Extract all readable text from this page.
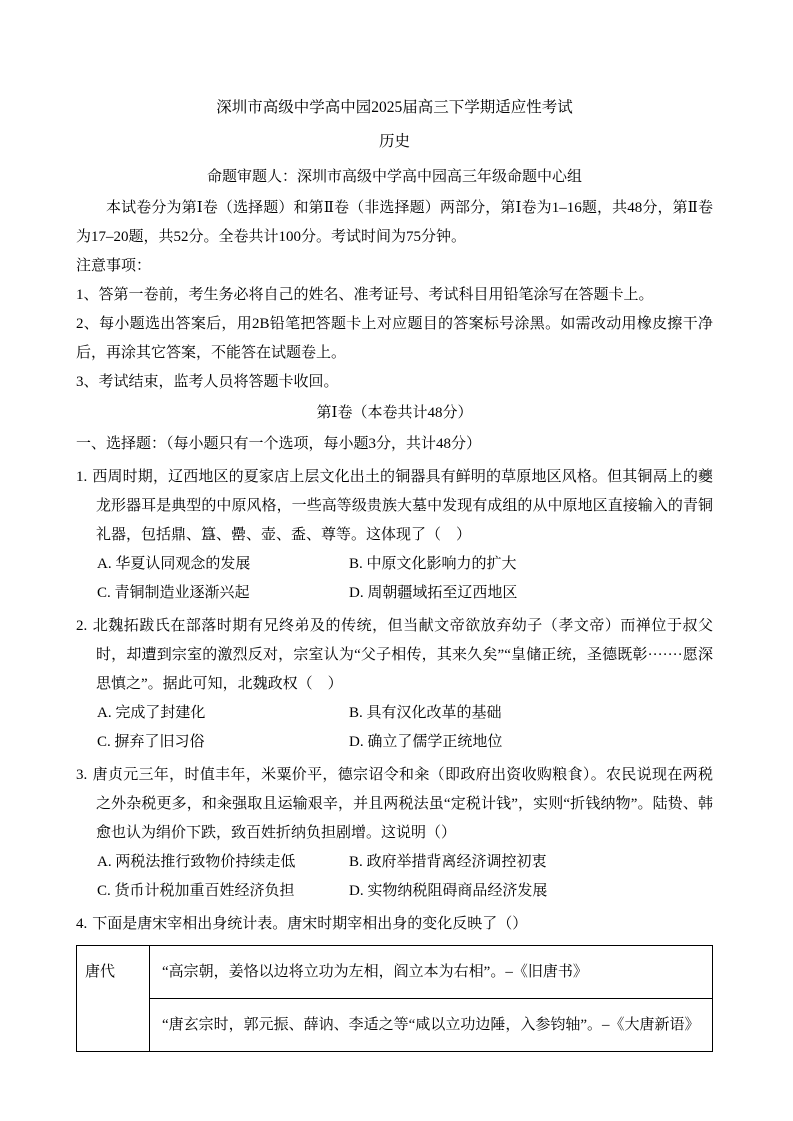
深圳市高级中学高中园2025届高三下学期适应性考试
历史
命题审题人：深圳市高级中学高中园高三年级命题中心组

本试卷分为第Ⅰ卷（选择题）和第Ⅱ卷（非选择题）两部分，第Ⅰ卷为1–16题，共48分，第Ⅱ卷为17–20题，共52分。全卷共计100分。考试时间为75分钟。

注意事项：

1、答第一卷前，考生务必将自己的姓名、准考证号、考试科目用铅笔涂写在答题卡上。

2、每小题选出答案后，用2B铅笔把答题卡上对应题目的答案标号涂黑。如需改动用橡皮擦干净后，再涂其它答案，不能答在试题卷上。

3、考试结束，监考人员将答题卡收回。

第Ⅰ卷（本卷共计48分）

一、选择题：（每小题只有一个选项，每小题3分，共计48分）

1. 西周时期，辽西地区的夏家店上层文化出土的铜器具有鲜明的草原地区风格。但其铜鬲上的夔龙形器耳是典型的中原风格，一些高等级贵族大墓中发现有成组的从中原地区直接输入的青铜礼器，包括鼎、簋、罍、壶、盉、尊等。这体现了（　）

A. 华夏认同观念的发展	B. 中原文化影响力的扩大
C. 青铜制造业逐渐兴起	D. 周朝疆域拓至辽西地区

2. 北魏拓跋氏在部落时期有兄终弟及的传统，但当献文帝欲放弃幼子（孝文帝）而禅位于叔父时，却遭到宗室的激烈反对，宗室认为“父子相传，其来久矣”“皇储正统，圣德既彰·······愿深思慎之”。据此可知，北魏政权（　）

A. 完成了封建化	B. 具有汉化改革的基础
C. 摒弃了旧习俗	D. 确立了儒学正统地位

3. 唐贞元三年，时值丰年，米粟价平，德宗诏令和籴（即政府出资收购粮食）。农民说现在两税之外杂税更多，和籴强取且运输艰辛，并且两税法虽“定税计钱”，实则“折钱纳物”。陆贽、韩愈也认为绢价下跌，致百姓折纳负担剧增。这说明（）

A. 两税法推行致物价持续走低	B. 政府举措背离经济调控初衷
C. 货币计税加重百姓经济负担	D. 实物纳税阻碍商品经济发展

4. 下面是唐宋宰相出身统计表。唐宋时期宰相出身的变化反映了（）

唐代	“高宗朝，姜恪以边将立功为左相，阎立本为右相”。–《旧唐书》
“唐玄宗时，郭元振、薛讷、李适之等“咸以立功边陲，入参钧轴”。–《大唐新语》
